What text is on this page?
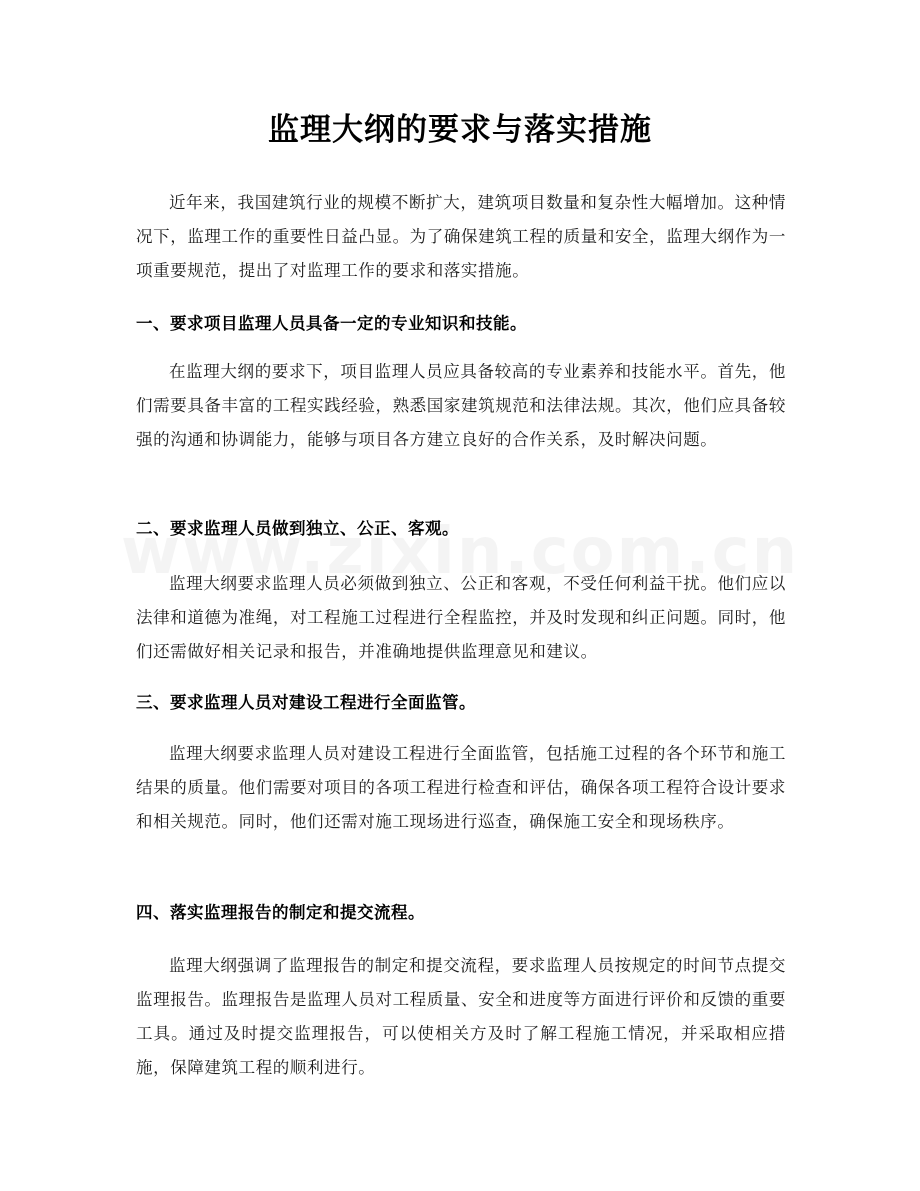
监理大纲的要求与落实措施

近年来，我国建筑行业的规模不断扩大，建筑项目数量和复杂性大幅增加。这种情况下，监理工作的重要性日益凸显。为了确保建筑工程的质量和安全，监理大纲作为一项重要规范，提出了对监理工作的要求和落实措施。

一、要求项目监理人员具备一定的专业知识和技能。

在监理大纲的要求下，项目监理人员应具备较高的专业素养和技能水平。首先，他们需要具备丰富的工程实践经验，熟悉国家建筑规范和法律法规。其次，他们应具备较强的沟通和协调能力，能够与项目各方建立良好的合作关系，及时解决问题。

二、要求监理人员做到独立、公正、客观。

监理大纲要求监理人员必须做到独立、公正和客观，不受任何利益干扰。他们应以法律和道德为准绳，对工程施工过程进行全程监控，并及时发现和纠正问题。同时，他们还需做好相关记录和报告，并准确地提供监理意见和建议。

三、要求监理人员对建设工程进行全面监管。

监理大纲要求监理人员对建设工程进行全面监管，包括施工过程的各个环节和施工结果的质量。他们需要对项目的各项工程进行检查和评估，确保各项工程符合设计要求和相关规范。同时，他们还需对施工现场进行巡查，确保施工安全和现场秩序。

四、落实监理报告的制定和提交流程。

监理大纲强调了监理报告的制定和提交流程，要求监理人员按规定的时间节点提交监理报告。监理报告是监理人员对工程质量、安全和进度等方面进行评价和反馈的重要工具。通过及时提交监理报告，可以使相关方及时了解工程施工情况，并采取相应措施，保障建筑工程的顺利进行。
